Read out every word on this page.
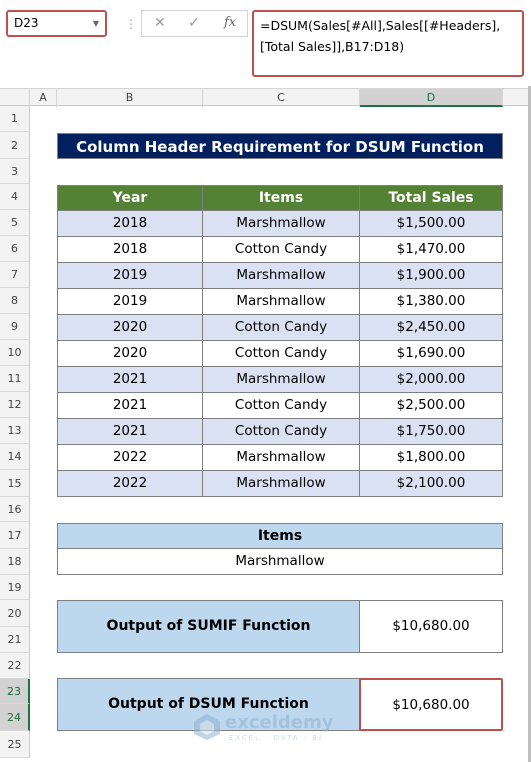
D23	▼ ⋮ ✕ ✓ fx	=DSUM(Sales[#All],Sales[[#Headers],[Total Sales]],B17:D18)
A	B	C	D
1
2
3
4
5
6
7
8
9
10
11
12
13
14
15
16
17
18
19
20
21
22
23
24
25
Column Header Requirement for DSUM Function
Year	Items	Total Sales
2018	Marshmallow	$1,500.00
2018	Cotton Candy	$1,470.00
2019	Marshmallow	$1,900.00
2019	Marshmallow	$1,380.00
2020	Cotton Candy	$2,450.00
2020	Cotton Candy	$1,690.00
2021	Marshmallow	$2,000.00
2021	Cotton Candy	$2,500.00
2021	Cotton Candy	$1,750.00
2022	Marshmallow	$1,800.00
2022	Marshmallow	$2,100.00
Items
Marshmallow
Output of SUMIF Function	$10,680.00
Output of DSUM Function	$10,680.00
exceldemy
EXCEL · DATA · BI
